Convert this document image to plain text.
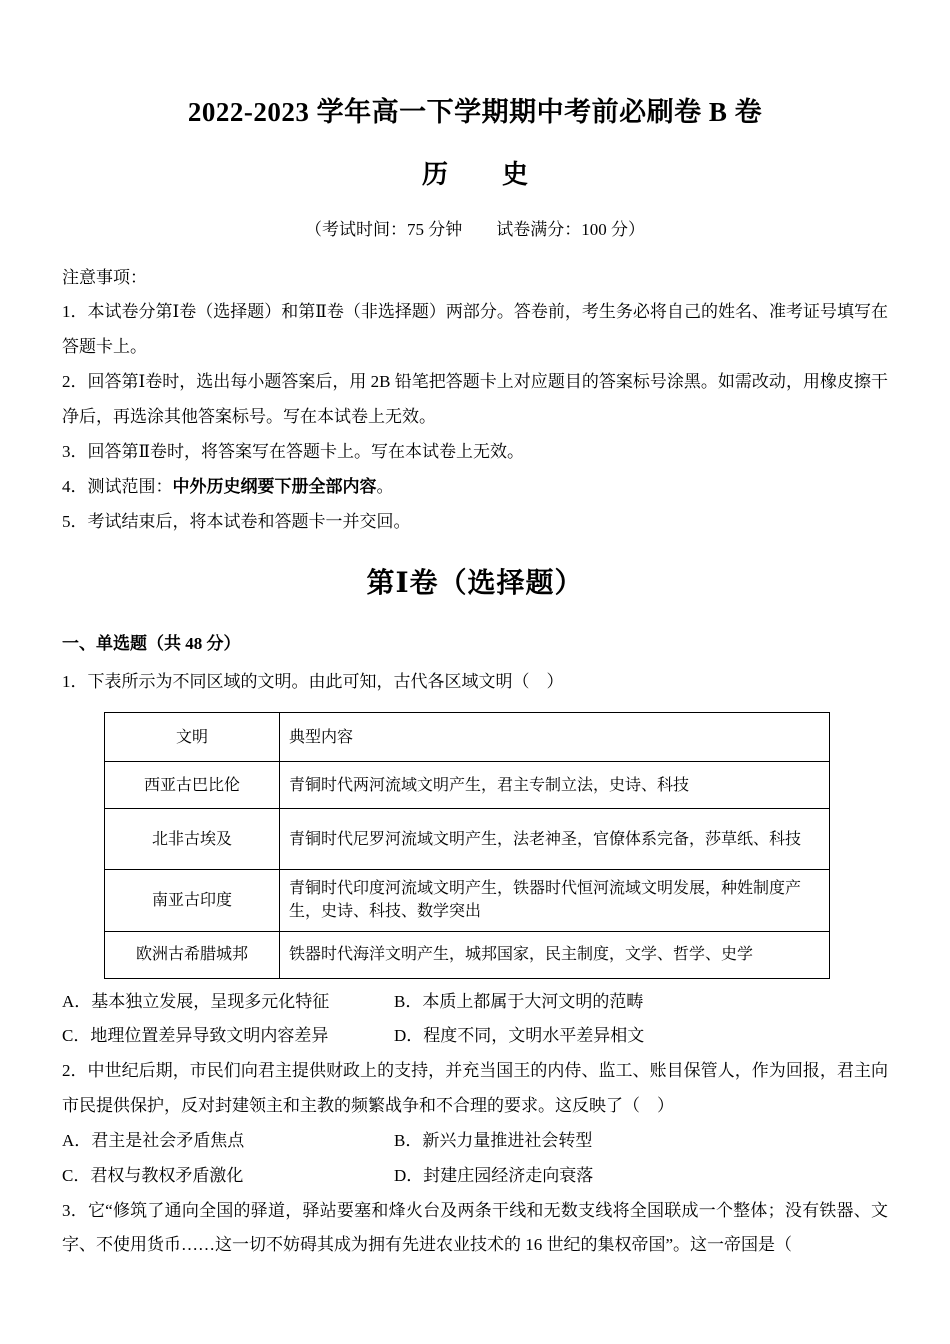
2022-2023 学年高一下学期期中考前必刷卷 B 卷
历　史
（考试时间：75 分钟　　试卷满分：100 分）
注意事项：
1．本试卷分第Ⅰ卷（选择题）和第Ⅱ卷（非选择题）两部分。答卷前，考生务必将自己的姓名、准考证号填写在答题卡上。
2．回答第Ⅰ卷时，选出每小题答案后，用 2B 铅笔把答题卡上对应题目的答案标号涂黑。如需改动，用橡皮擦干净后，再选涂其他答案标号。写在本试卷上无效。
3．回答第Ⅱ卷时，将答案写在答题卡上。写在本试卷上无效。
4．测试范围：中外历史纲要下册全部内容。
5．考试结束后，将本试卷和答题卡一并交回。
第Ⅰ卷（选择题）
一、单选题（共 48 分）
1．下表所示为不同区域的文明。由此可知，古代各区域文明（　）
文明	典型内容
西亚古巴比伦	青铜时代两河流域文明产生，君主专制立法，史诗、科技
北非古埃及	青铜时代尼罗河流域文明产生，法老神圣，官僚体系完备，莎草纸、科技
南亚古印度	青铜时代印度河流域文明产生，铁器时代恒河流域文明发展，种姓制度产生，史诗、科技、数学突出
欧洲古希腊城邦	铁器时代海洋文明产生，城邦国家，民主制度，文学、哲学、史学
A．基本独立发展，呈现多元化特征	B．本质上都属于大河文明的范畴
C．地理位置差异导致文明内容差异	D．程度不同，文明水平差异相文
2．中世纪后期，市民们向君主提供财政上的支持，并充当国王的内侍、监工、账目保管人，作为回报，君主向市民提供保护，反对封建领主和主教的频繁战争和不合理的要求。这反映了（　）
A．君主是社会矛盾焦点	B．新兴力量推进社会转型
C．君权与教权矛盾激化	D．封建庄园经济走向衰落
3．它“修筑了通向全国的驿道，驿站要塞和烽火台及两条干线和无数支线将全国联成一个整体；没有铁器、文字、不使用货币……这一切不妨碍其成为拥有先进农业技术的 16 世纪的集权帝国”。这一帝国是（
